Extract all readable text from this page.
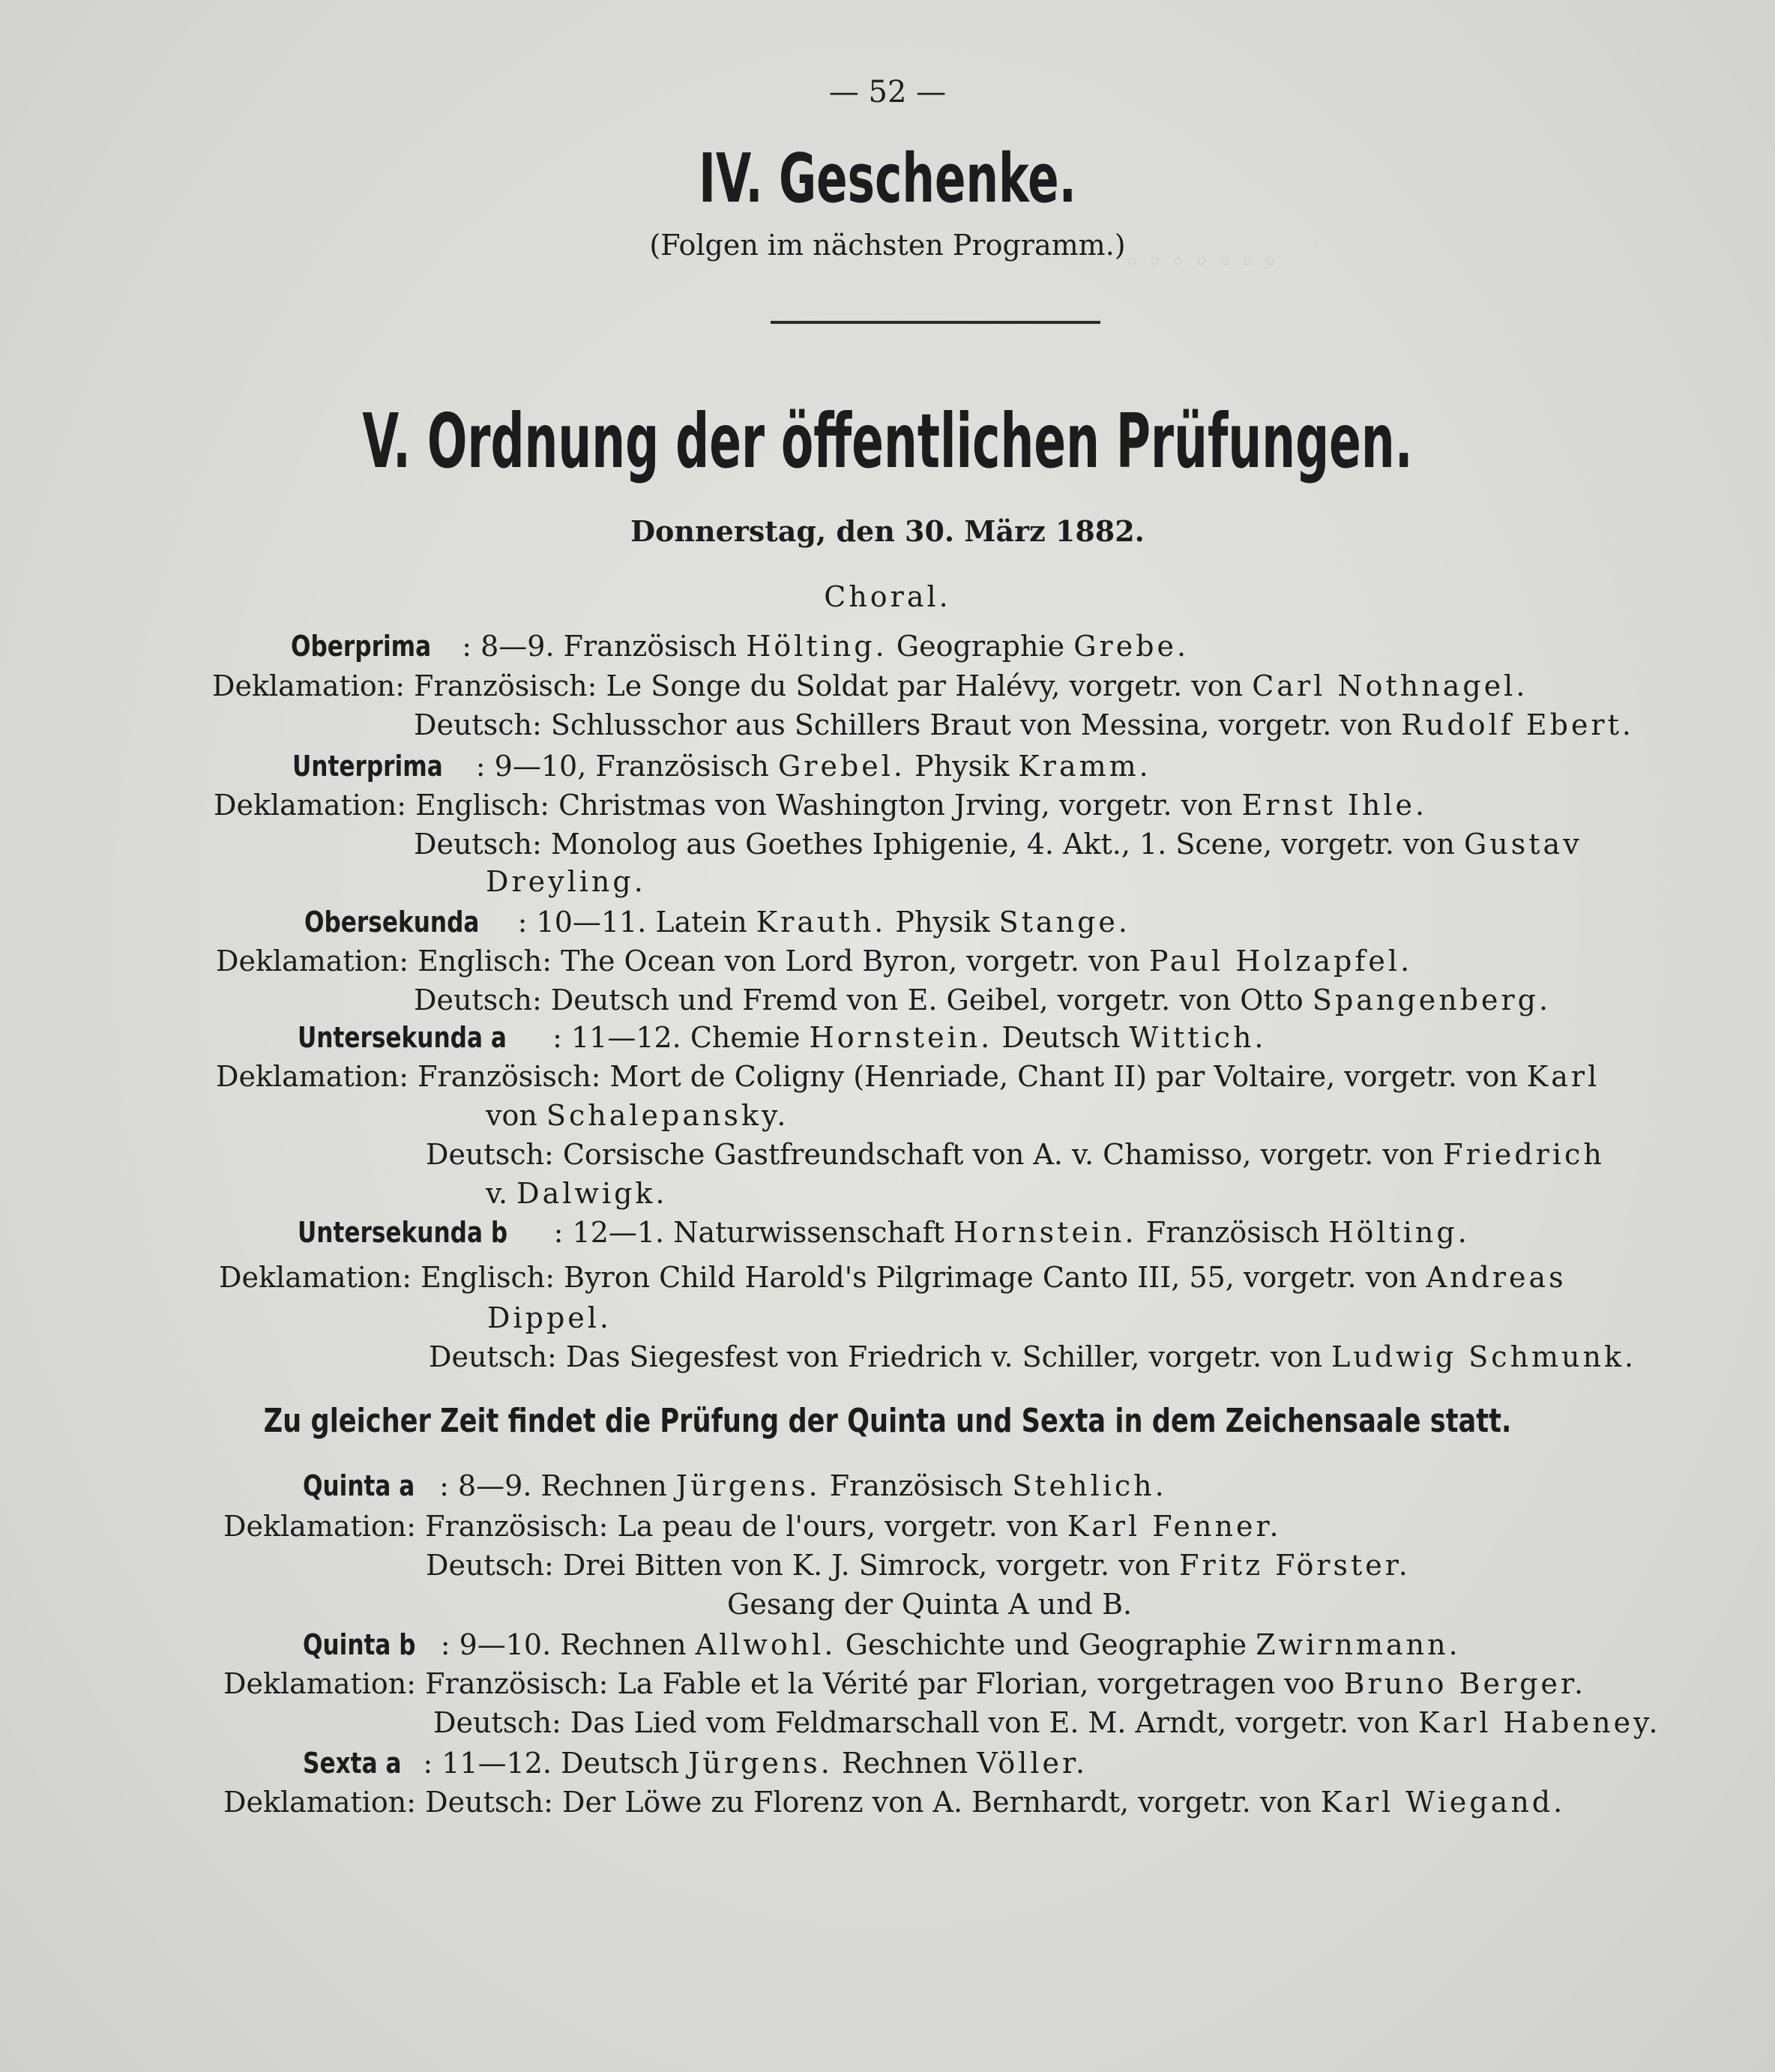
◦ ◦ ◦ ◦ ◦ ◦ ◦
— 52 —
IV. Geschenke.
(Folgen im nächsten Programm.)
V. Ordnung der öffentlichen Prüfungen.
Donnerstag, den 30. März 1882.
Choral.
Oberprima : 8—9. Französisch Hölting. Geographie Grebe.
Deklamation: Französisch: Le Songe du Soldat par Halévy, vorgetr. von Carl Nothnagel.
Deutsch: Schlusschor aus Schillers Braut von Messina, vorgetr. von Rudolf Ebert.
Unterprima : 9—10, Französisch Grebel. Physik Kramm.
Deklamation: Englisch: Christmas von Washington Jrving, vorgetr. von Ernst Ihle.
Deutsch: Monolog aus Goethes Iphigenie, 4. Akt., 1. Scene, vorgetr. von Gustav
Dreyling.
Obersekunda : 10—11. Latein Krauth. Physik Stange.
Deklamation: Englisch: The Ocean von Lord Byron, vorgetr. von Paul Holzapfel.
Deutsch: Deutsch und Fremd von E. Geibel, vorgetr. von Otto Spangenberg.
Untersekunda a : 11—12. Chemie Hornstein. Deutsch Wittich.
Deklamation: Französisch: Mort de Coligny (Henriade, Chant II) par Voltaire, vorgetr. von Karl
von Schalepansky.
Deutsch: Corsische Gastfreundschaft von A. v. Chamisso, vorgetr. von Friedrich
v. Dalwigk.
Untersekunda b : 12—1. Naturwissenschaft Hornstein. Französisch Hölting.
Deklamation: Englisch: Byron Child Harold's Pilgrimage Canto III, 55, vorgetr. von Andreas
Dippel.
Deutsch: Das Siegesfest von Friedrich v. Schiller, vorgetr. von Ludwig Schmunk.
Zu gleicher Zeit findet die Prüfung der Quinta und Sexta in dem Zeichensaale statt.
Quinta a : 8—9. Rechnen Jürgens. Französisch Stehlich.
Deklamation: Französisch: La peau de l'ours, vorgetr. von Karl Fenner.
Deutsch: Drei Bitten von K. J. Simrock, vorgetr. von Fritz Förster.
Gesang der Quinta A und B.
Quinta b : 9—10. Rechnen Allwohl. Geschichte und Geographie Zwirnmann.
Deklamation: Französisch: La Fable et la Vérité par Florian, vorgetragen voo Bruno Berger.
Deutsch: Das Lied vom Feldmarschall von E. M. Arndt, vorgetr. von Karl Habeney.
Sexta a : 11—12. Deutsch Jürgens. Rechnen Völler.
Deklamation: Deutsch: Der Löwe zu Florenz von A. Bernhardt, vorgetr. von Karl Wiegand.
